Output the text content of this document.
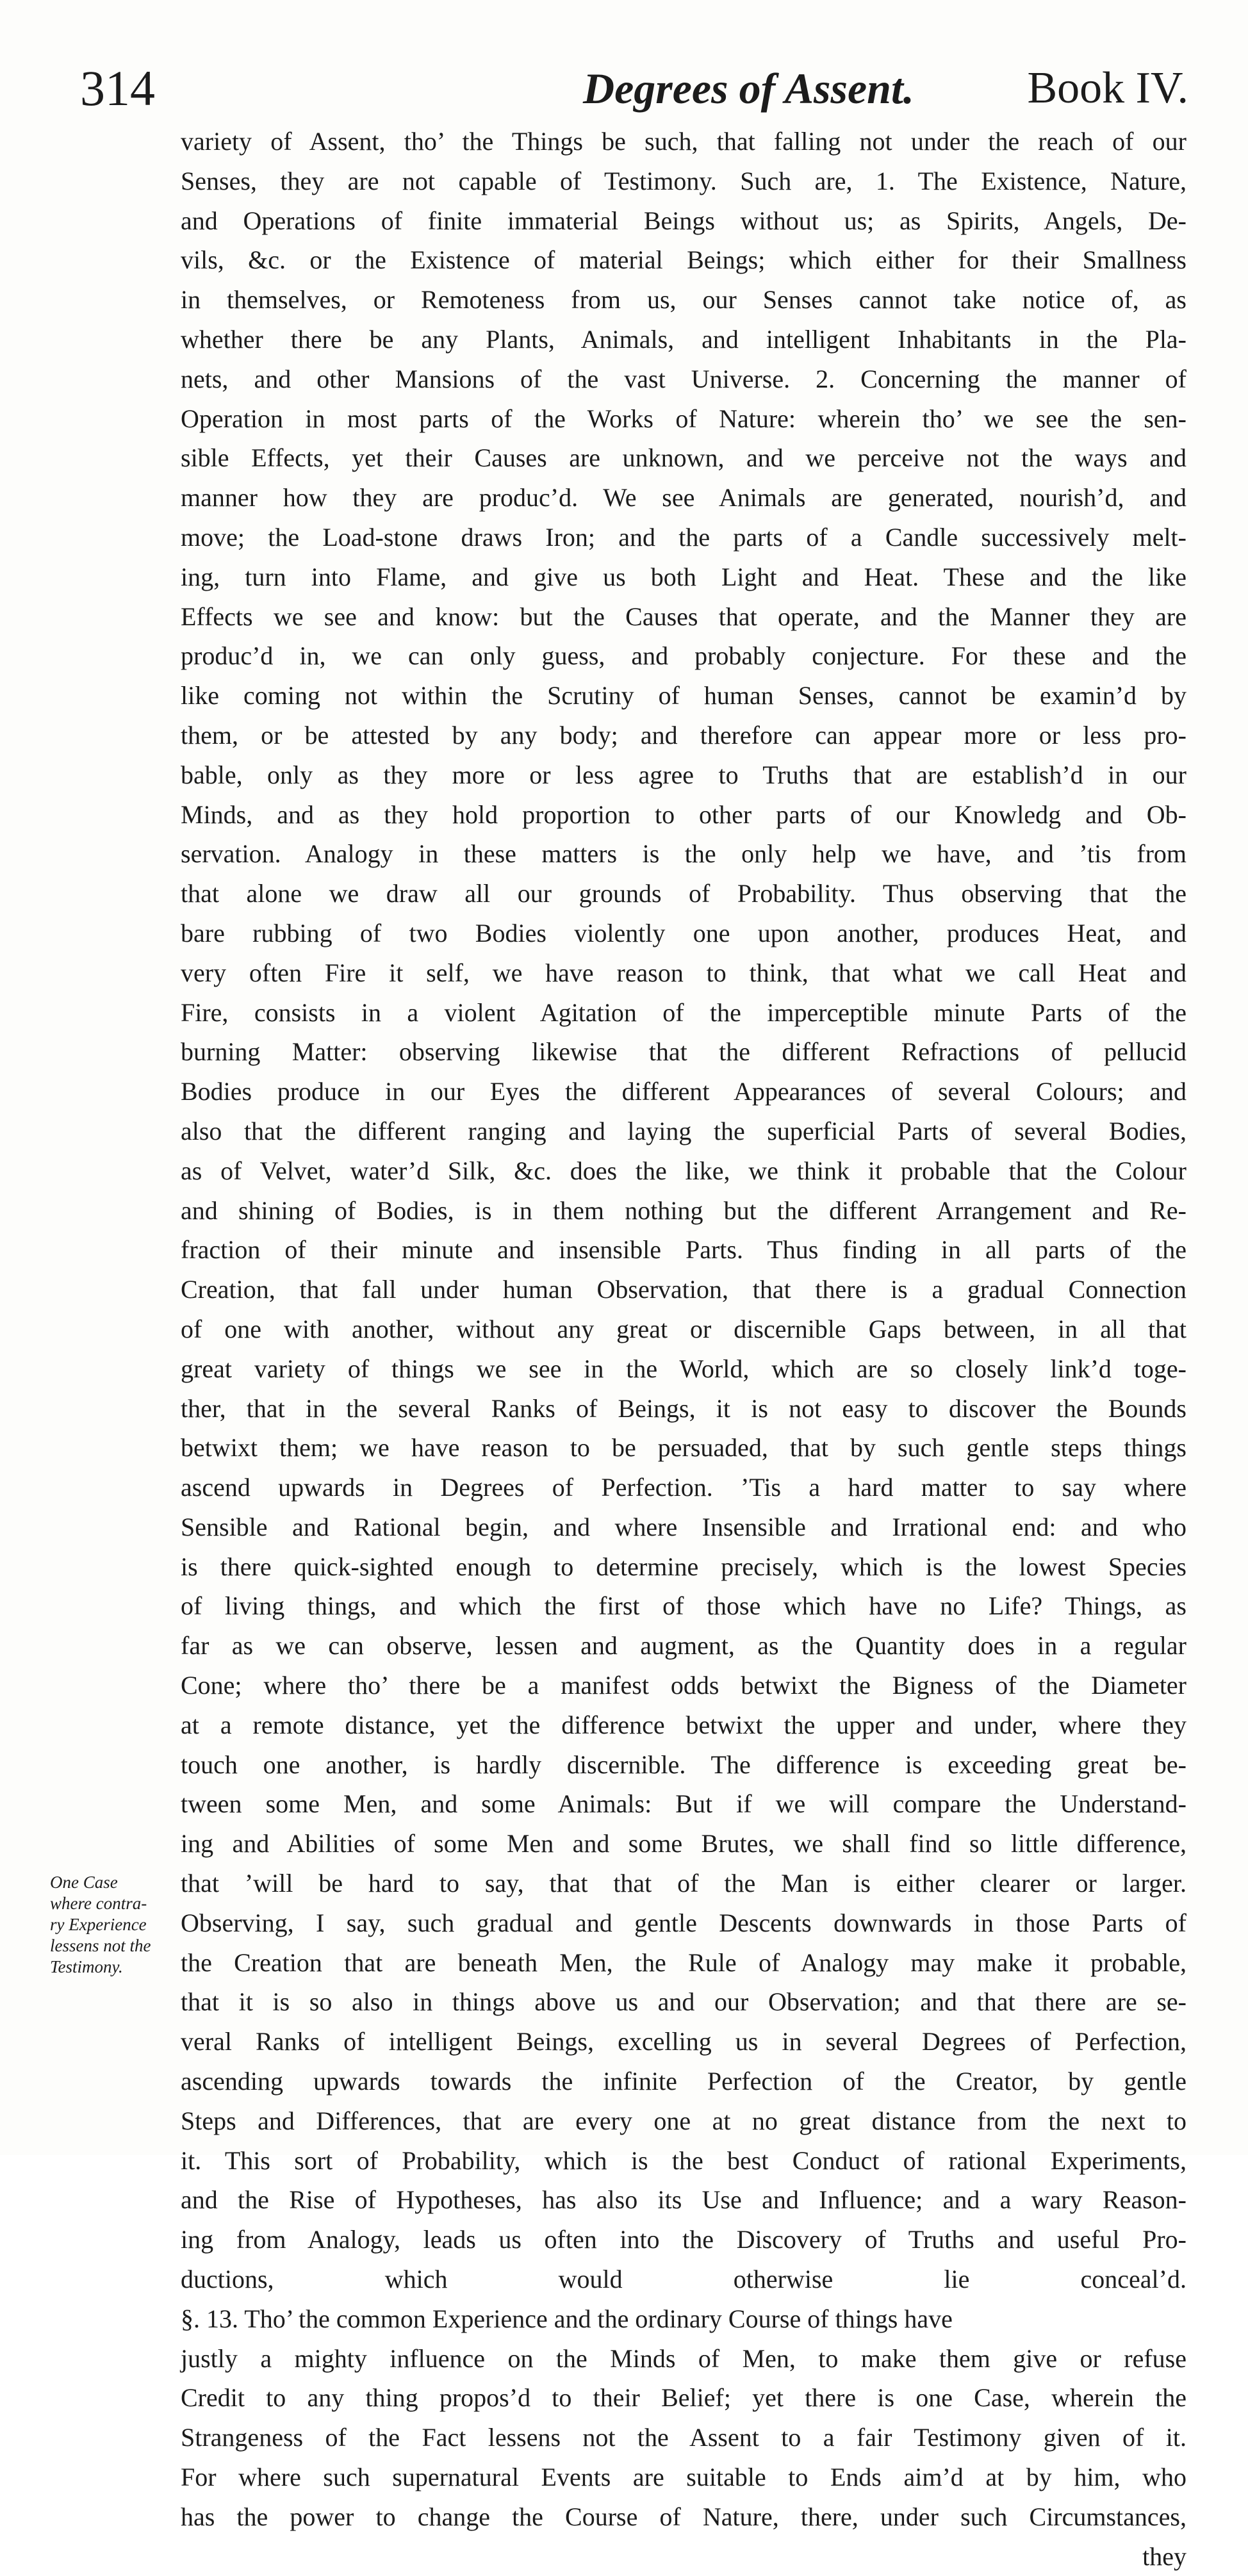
314	Degrees of Assent.	Book IV.
One Case
where contra-
ry Experience
lessens not the
Testimony.
variety of Assent, tho’ the Things be such, that falling not under the reach of our
Senses, they are not capable of Testimony. Such are, 1. The Existence, Nature,
and Operations of finite immaterial Beings without us; as Spirits, Angels, De-
vils, &c. or the Existence of material Beings; which either for their Smallness
in themselves, or Remoteness from us, our Senses cannot take notice of, as
whether there be any Plants, Animals, and intelligent Inhabitants in the Pla-
nets, and other Mansions of the vast Universe. 2. Concerning the manner of
Operation in most parts of the Works of Nature: wherein tho’ we see the sen-
sible Effects, yet their Causes are unknown, and we perceive not the ways and
manner how they are produc’d. We see Animals are generated, nourish’d, and
move; the Load-stone draws Iron; and the parts of a Candle successively melt-
ing, turn into Flame, and give us both Light and Heat. These and the like
Effects we see and know: but the Causes that operate, and the Manner they are
produc’d in, we can only guess, and probably conjecture. For these and the
like coming not within the Scrutiny of human Senses, cannot be examin’d by
them, or be attested by any body; and therefore can appear more or less pro-
bable, only as they more or less agree to Truths that are establish’d in our
Minds, and as they hold proportion to other parts of our Knowledg and Ob-
servation. Analogy in these matters is the only help we have, and ’tis from
that alone we draw all our grounds of Probability. Thus observing that the
bare rubbing of two Bodies violently one upon another, produces Heat, and
very often Fire it self, we have reason to think, that what we call Heat and
Fire, consists in a violent Agitation of the imperceptible minute Parts of the
burning Matter: observing likewise that the different Refractions of pellucid
Bodies produce in our Eyes the different Appearances of several Colours; and
also that the different ranging and laying the superficial Parts of several Bodies,
as of Velvet, water’d Silk, &c. does the like, we think it probable that the Colour
and shining of Bodies, is in them nothing but the different Arrangement and Re-
fraction of their minute and insensible Parts. Thus finding in all parts of the
Creation, that fall under human Observation, that there is a gradual Connection
of one with another, without any great or discernible Gaps between, in all that
great variety of things we see in the World, which are so closely link’d toge-
ther, that in the several Ranks of Beings, it is not easy to discover the Bounds
betwixt them; we have reason to be persuaded, that by such gentle steps things
ascend upwards in Degrees of Perfection. ’Tis a hard matter to say where
Sensible and Rational begin, and where Insensible and Irrational end: and who
is there quick-sighted enough to determine precisely, which is the lowest Species
of living things, and which the first of those which have no Life? Things, as
far as we can observe, lessen and augment, as the Quantity does in a regular
Cone; where tho’ there be a manifest odds betwixt the Bigness of the Diameter
at a remote distance, yet the difference betwixt the upper and under, where they
touch one another, is hardly discernible. The difference is exceeding great be-
tween some Men, and some Animals: But if we will compare the Understand-
ing and Abilities of some Men and some Brutes, we shall find so little difference,
that ’will be hard to say, that that of the Man is either clearer or larger.
Observing, I say, such gradual and gentle Descents downwards in those Parts of
the Creation that are beneath Men, the Rule of Analogy may make it probable,
that it is so also in things above us and our Observation; and that there are se-
veral Ranks of intelligent Beings, excelling us in several Degrees of Perfection,
ascending upwards towards the infinite Perfection of the Creator, by gentle
Steps and Differences, that are every one at no great distance from the next to
it. This sort of Probability, which is the best Conduct of rational Experiments,
and the Rise of Hypotheses, has also its Use and Influence; and a wary Reason-
ing from Analogy, leads us often into the Discovery of Truths and useful Pro-
ductions, which would otherwise lie conceal’d.
§. 13. Tho’ the common Experience and the ordinary Course of things have
justly a mighty influence on the Minds of Men, to make them give or refuse
Credit to any thing propos’d to their Belief; yet there is one Case, wherein the
Strangeness of the Fact lessens not the Assent to a fair Testimony given of it.
For where such supernatural Events are suitable to Ends aim’d at by him, who
has the power to change the Course of Nature, there, under such Circumstances,
they
